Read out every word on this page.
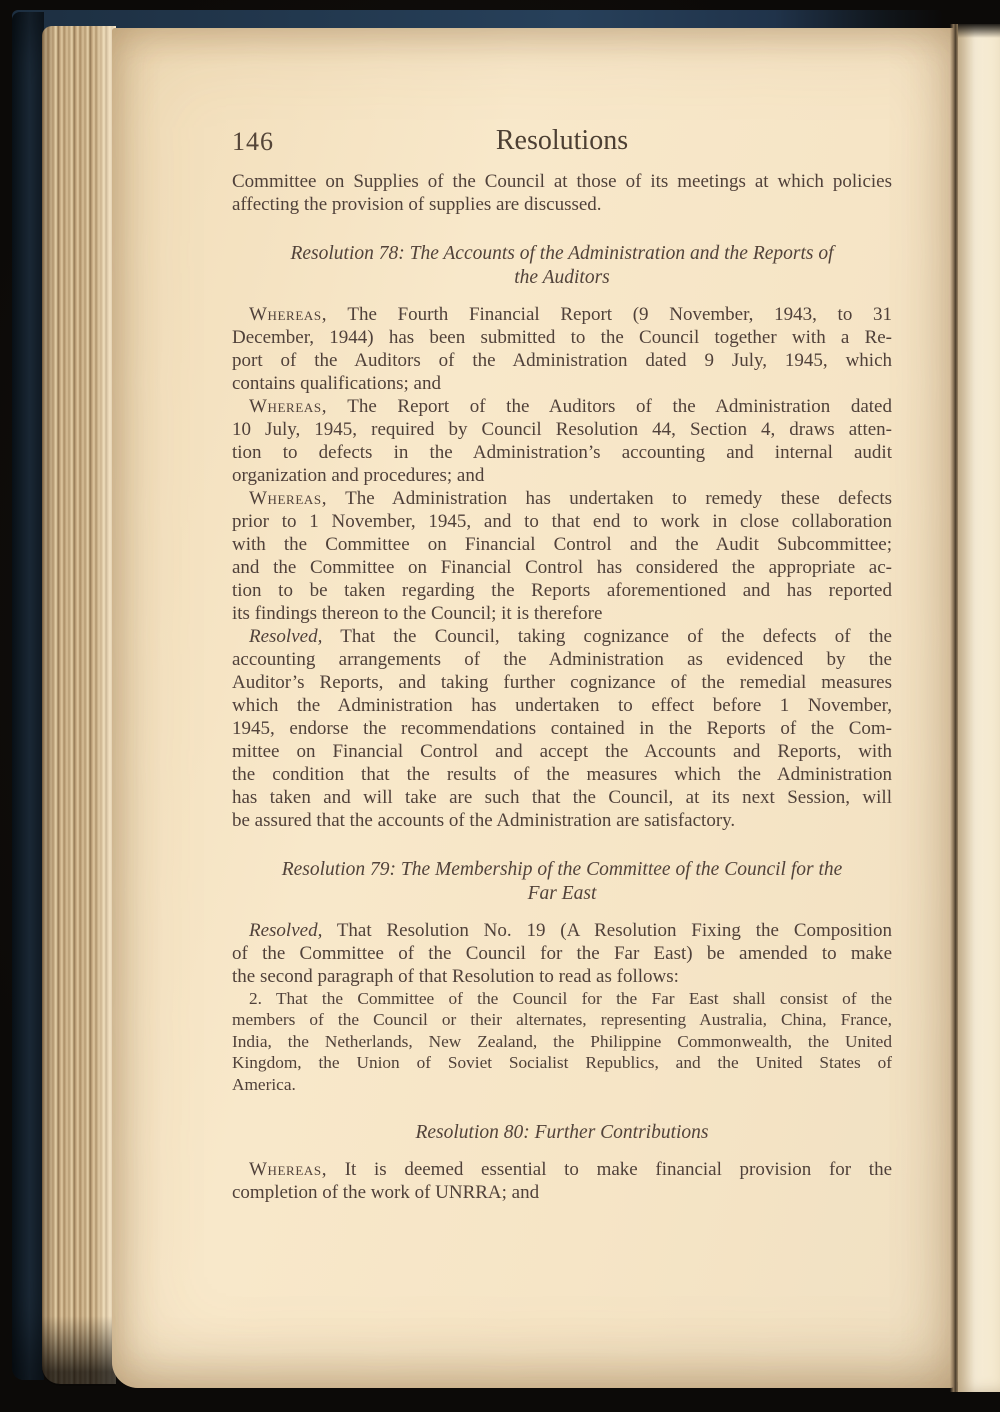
146	Resolutions
Committee on Supplies of the Council at those of its meetings at which policies
affecting the provision of supplies are discussed.
Resolution 78: The Accounts of the Administration and the Reports of
the Auditors
Whereas, The Fourth Financial Report (9 November, 1943, to 31
December, 1944) has been submitted to the Council together with a Re-
port of the Auditors of the Administration dated 9 July, 1945, which
contains qualifications; and
Whereas, The Report of the Auditors of the Administration dated
10 July, 1945, required by Council Resolution 44, Section 4, draws atten-
tion to defects in the Administration’s accounting and internal audit
organization and procedures; and
Whereas, The Administration has undertaken to remedy these defects
prior to 1 November, 1945, and to that end to work in close collaboration
with the Committee on Financial Control and the Audit Subcommittee;
and the Committee on Financial Control has considered the appropriate ac-
tion to be taken regarding the Reports aforementioned and has reported
its findings thereon to the Council; it is therefore
Resolved, That the Council, taking cognizance of the defects of the
accounting arrangements of the Administration as evidenced by the
Auditor’s Reports, and taking further cognizance of the remedial measures
which the Administration has undertaken to effect before 1 November,
1945, endorse the recommendations contained in the Reports of the Com-
mittee on Financial Control and accept the Accounts and Reports, with
the condition that the results of the measures which the Administration
has taken and will take are such that the Council, at its next Session, will
be assured that the accounts of the Administration are satisfactory.
Resolution 79: The Membership of the Committee of the Council for the
Far East
Resolved, That Resolution No. 19 (A Resolution Fixing the Composition
of the Committee of the Council for the Far East) be amended to make
the second paragraph of that Resolution to read as follows:
2. That the Committee of the Council for the Far East shall consist of the
members of the Council or their alternates, representing Australia, China, France,
India, the Netherlands, New Zealand, the Philippine Commonwealth, the United
Kingdom, the Union of Soviet Socialist Republics, and the United States of
America.
Resolution 80: Further Contributions
Whereas, It is deemed essential to make financial provision for the
completion of the work of UNRRA; and
